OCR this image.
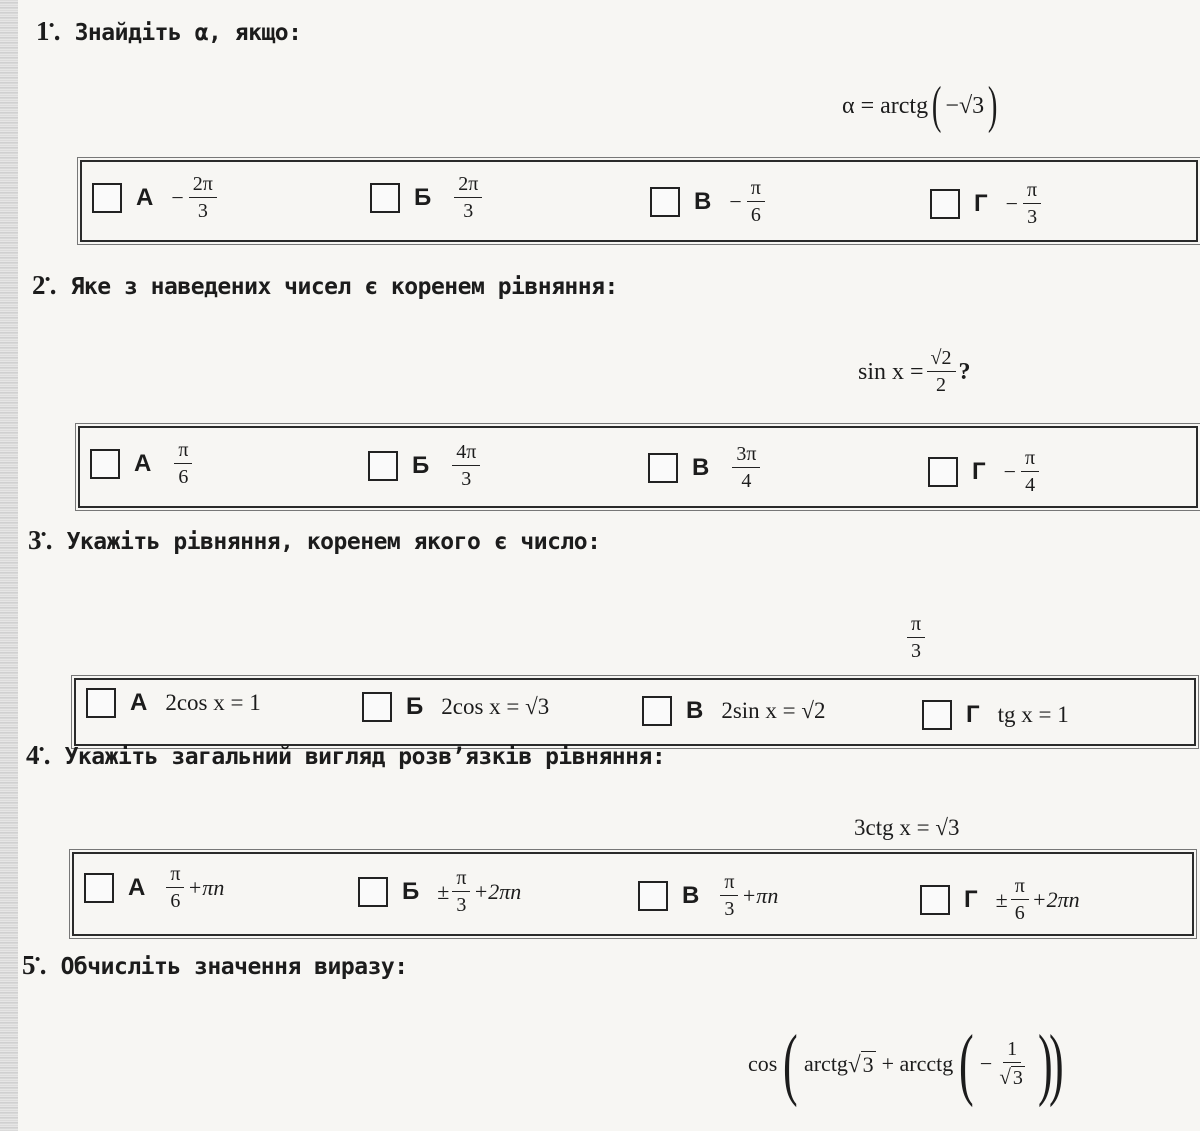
1•. Знайдіть α, якщо:
α = arctg ( −√3 )
$А - \frac{2\pi}{3}$	Б $\frac{2\pi}{3}$	$В - \frac{\pi}{6}$	$Г - \frac{\pi}{3}$
2•. Яке з наведених чисел є коренем рівняння:
$\sin x = \frac{√2}{2}$ ?
А $\frac{\pi}{6}$	Б $\frac{4\pi}{3}$	В $\frac{3\pi}{4}$	$Г - \frac{\pi}{4}$
3•. Укажіть рівняння, коренем якого є число:
$\frac{\pi}{3}$
А 2cos x = 1	Б 2cos x = √3	В 2sin x = √2	Г tg x = 1
4•. Укажіть загальний вигляд розв’язків рівняння:
3ctg x = √3
А $\frac{\pi}{6} +\pi n$	$Б \pm \frac{\pi}{3} +2\pi n$	В $\frac{\pi}{3} +\pi n$	$Г \pm \frac{\pi}{6} +2\pi n$
5•. Обчисліть значення виразу:
cos ( arctg √3 + arcctg ( − $\frac{1}{√ 3}$ )
)
